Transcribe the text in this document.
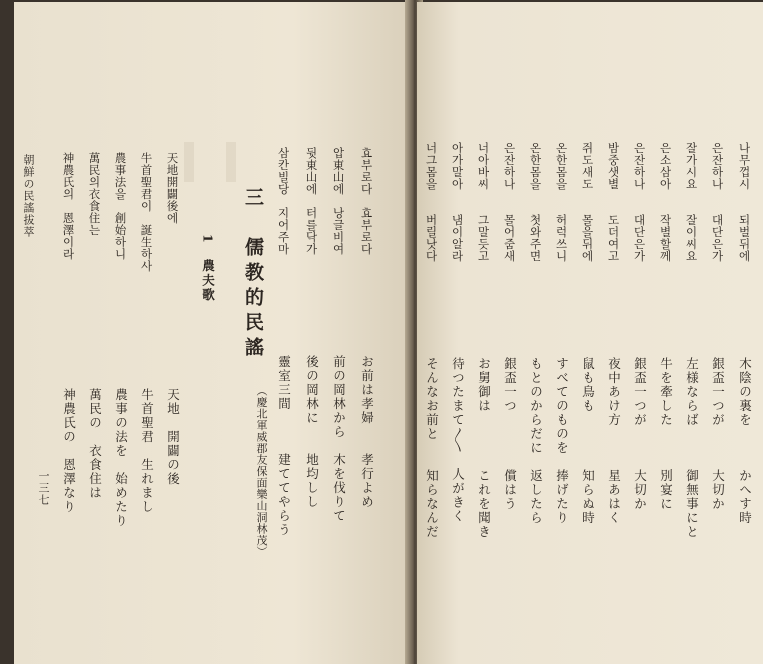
효부로다　효부로다
압東山에　낭글비여
뒷東山에　터를닥가
삼칸빌당　지어주마
三　儒教的民謠
1　農夫歌
天地開闢後에
牛首聖君이　誕生하사
農事法을　創始하니
萬民의衣食住는
神農氏의　恩澤이라
朝鮮の民謠拔萃
（慶北軍威郡友保面樂山洞林茂）	お前は孝婦　　孝行よめ
前の岡林から　木を伐りて
後の岡林に　　地均しし
靈室三間　　　建ててやらう
天地　開闢の後
牛首聖君　生れまし
農事の法を　始めたり
萬民の　衣食住は
神農氏の　恩澤なり
나무껍시　　되벌뒤에
은잔하나　　대단은가
잘가시요　　잘이씨요
은소삼아　　작별할께
은잔하나　　대단은가
밤중샛별　　도더여고
쥐도새도　　몰을뒤에
온한몸을　　허럭쓰니
온한몸을　　첫와주면
은잔하나　　몰어줌새
너아바씨　　그말듯고
아가말아　　냄이알라
너그몸을　　버릴낫다
木陰の裏を　　　かへす時
銀盃一つが　　　大切か
左様ならば　　　御無事にと
牛を牽した　　　別宴に
銀盃一つが　　　大切か
夜中あけ方　　　星あはく
鼠も鳥も　　　　知らぬ時
すべてのものを　捧げたり
もとのからだに　返したら
銀盃一つ　　　　償はう
お舅御は　　　　これを聞き
待つたまて〳〵　人がきく
そんなお前と　　知らなんだ
一三七
